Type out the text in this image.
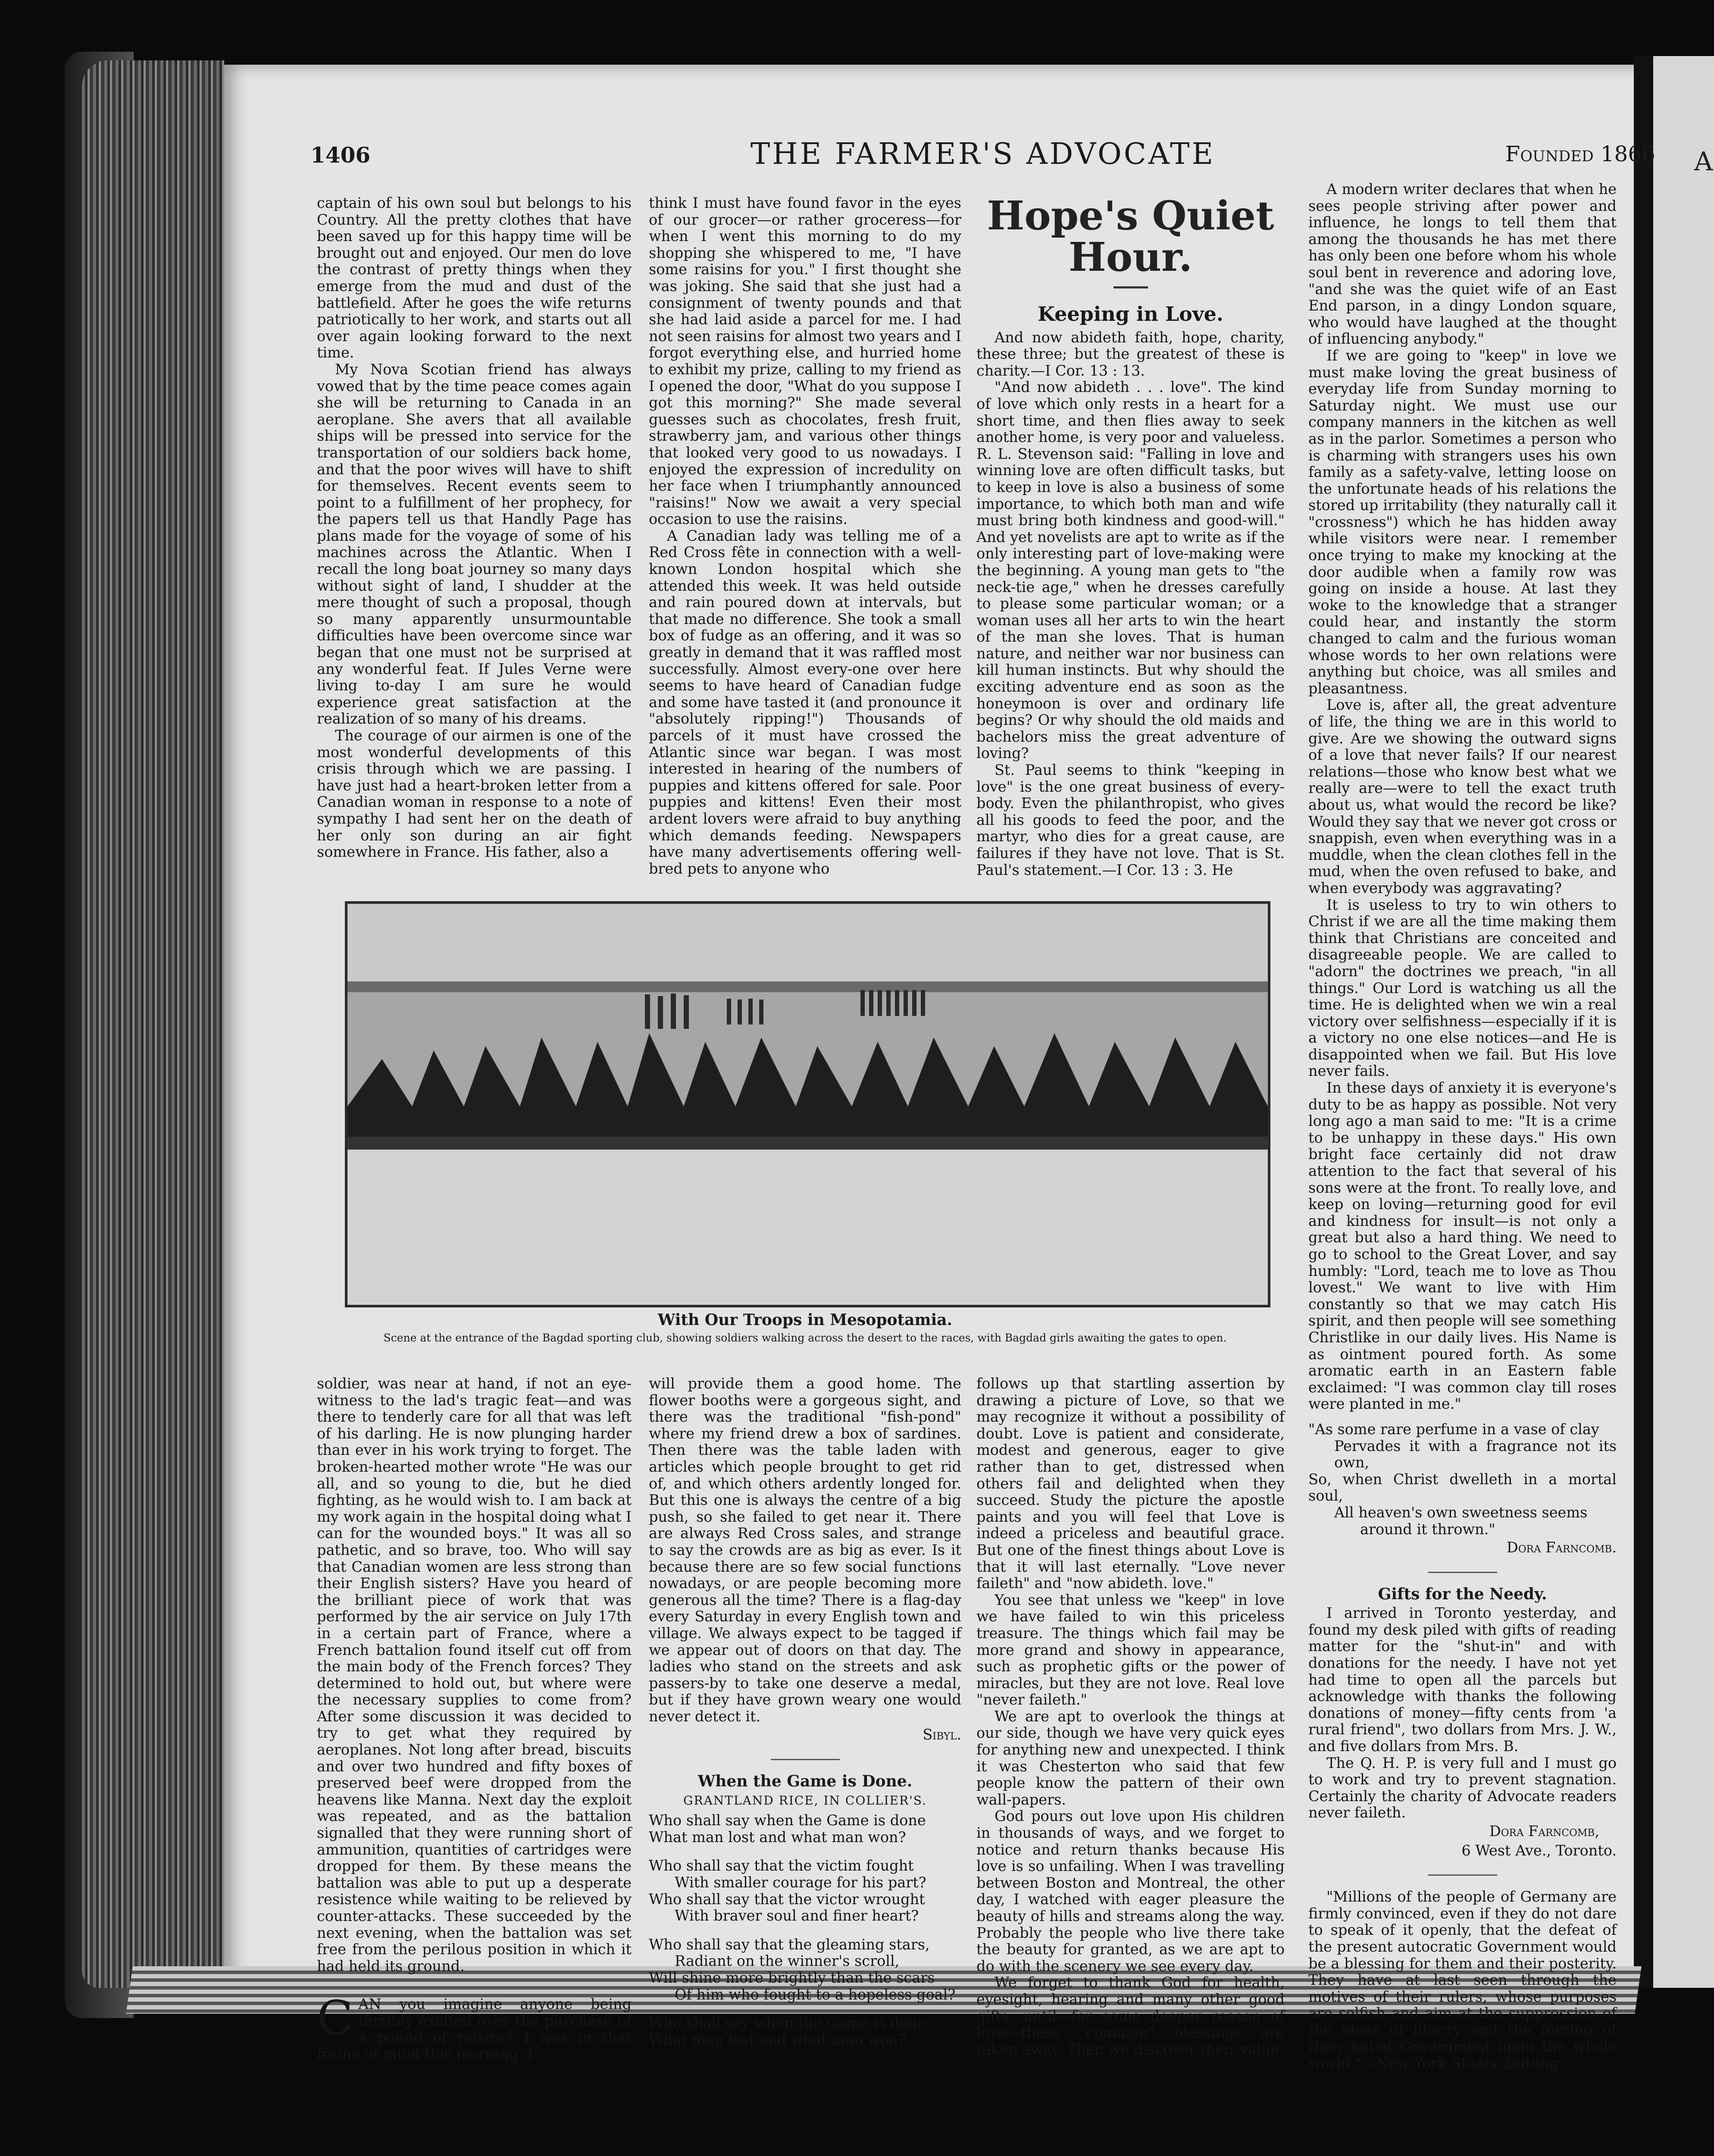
A
1406	THE FARMER'S ADVOCATE	Founded 1866

captain of his own soul but belongs to his Country. All the pretty clothes that have been saved up for this happy time will be brought out and enjoyed. Our men do love the contrast of pretty things when they emerge from the mud and dust of the battlefield. After he goes the wife returns patriotically to her work, and starts out all over again looking forward to the next time.

My Nova Scotian friend has always vowed that by the time peace comes again she will be returning to Canada in an aeroplane. She avers that all available ships will be pressed into service for the transportation of our soldiers back home, and that the poor wives will have to shift for themselves. Recent events seem to point to a fulfillment of her prophecy, for the papers tell us that Handly Page has plans made for the voyage of some of his machines across the Atlantic. When I recall the long boat journey so many days without sight of land, I shudder at the mere thought of such a proposal, though so many apparently unsurmountable difficulties have been overcome since war began that one must not be surprised at any wonderful feat. If Jules Verne were living to-day I am sure he would experience great satisfaction at the realization of so many of his dreams.

The courage of our airmen is one of the most wonderful developments of this crisis through which we are passing. I have just had a heart-broken letter from a Canadian woman in response to a note of sympathy I had sent her on the death of her only son during an air fight somewhere in France. His father, also a

think I must have found favor in the eyes of our grocer—or rather groceress—for when I went this morning to do my shopping she whispered to me, "I have some raisins for you." I first thought she was joking. She said that she just had a consignment of twenty pounds and that she had laid aside a parcel for me. I had not seen raisins for almost two years and I forgot everything else, and hurried home to exhibit my prize, calling to my friend as I opened the door, "What do you suppose I got this morning?" She made several guesses such as chocolates, fresh fruit, strawberry jam, and various other things that looked very good to us nowadays. I enjoyed the expression of incredulity on her face when I triumphantly announced "raisins!" Now we await a very special occasion to use the raisins.

A Canadian lady was telling me of a Red Cross fête in connection with a well-known London hospital which she attended this week. It was held outside and rain poured down at intervals, but that made no difference. She took a small box of fudge as an offering, and it was so greatly in demand that it was raffled most successfully. Almost every-one over here seems to have heard of Canadian fudge and some have tasted it (and pronounce it "absolutely ripping!") Thousands of parcels of it must have crossed the Atlantic since war began. I was most interested in hearing of the numbers of puppies and kittens offered for sale. Poor puppies and kittens! Even their most ardent lovers were afraid to buy anything which demands feeding. Newspapers have many advertisements offering well-bred pets to anyone who

Hope's Quiet Hour.
Keeping in Love.

And now abideth faith, hope, charity, these three; but the greatest of these is charity.—I Cor. 13 : 13.

"And now abideth . . . love". The kind of love which only rests in a heart for a short time, and then flies away to seek another home, is very poor and valueless. R. L. Stevenson said: "Falling in love and winning love are often difficult tasks, but to keep in love is also a business of some importance, to which both man and wife must bring both kindness and good-will." And yet novelists are apt to write as if the only interesting part of love-making were the beginning. A young man gets to "the neck-tie age," when he dresses carefully to please some particular woman; or a woman uses all her arts to win the heart of the man she loves. That is human nature, and neither war nor business can kill human instincts. But why should the exciting adventure end as soon as the honeymoon is over and ordinary life begins? Or why should the old maids and bachelors miss the great adventure of loving?

St. Paul seems to think "keeping in love" is the one great business of every-body. Even the philanthropist, who gives all his goods to feed the poor, and the martyr, who dies for a great cause, are failures if they have not love. That is St. Paul's statement.—I Cor. 13 : 3. He

A modern writer declares that when he sees people striving after power and influence, he longs to tell them that among the thousands he has met there has only been one before whom his whole soul bent in reverence and adoring love, "and she was the quiet wife of an East End parson, in a dingy London square, who would have laughed at the thought of influencing anybody."

If we are going to "keep" in love we must make loving the great business of everyday life from Sunday morning to Saturday night. We must use our company manners in the kitchen as well as in the parlor. Sometimes a person who is charming with strangers uses his own family as a safety-valve, letting loose on the unfortunate heads of his relations the stored up irritability (they naturally call it "crossness") which he has hidden away while visitors were near. I remember once trying to make my knocking at the door audible when a family row was going on inside a house. At last they woke to the knowledge that a stranger could hear, and instantly the storm changed to calm and the furious woman whose words to her own relations were anything but choice, was all smiles and pleasantness.

Love is, after all, the great adventure of life, the thing we are in this world to give. Are we showing the outward signs of a love that never fails? If our nearest relations—those who know best what we really are—were to tell the exact truth about us, what would the record be like? Would they say that we never got cross or snappish, even when everything was in a muddle, when the clean clothes fell in the mud, when the oven refused to bake, and when everybody was aggravating?

It is useless to try to win others to Christ if we are all the time making them think that Christians are conceited and disagreeable people. We are called to "adorn" the doctrines we preach, "in all things." Our Lord is watching us all the time. He is delighted when we win a real victory over selfishness—especially if it is a victory no one else notices—and He is disappointed when we fail. But His love never fails.

In these days of anxiety it is everyone's duty to be as happy as possible. Not very long ago a man said to me: "It is a crime to be unhappy in these days." His own bright face certainly did not draw attention to the fact that several of his sons were at the front. To really love, and keep on loving—returning good for evil and kindness for insult—is not only a great but also a hard thing. We need to go to school to the Great Lover, and say humbly: "Lord, teach me to love as Thou lovest." We want to live with Him constantly so that we may catch His spirit, and then people will see something Christlike in our daily lives. His Name is as ointment poured forth. As some aromatic earth in an Eastern fable exclaimed: "I was common clay till roses were planted in me."

"As some rare perfume in a vase of clay

Pervades it with a fragrance not its own,

So, when Christ dwelleth in a mortal soul,

All heaven's own sweetness seems

around it thrown."

Dora Farncomb.
Gifts for the Needy.

I arrived in Toronto yesterday, and found my desk piled with gifts of reading matter for the "shut-in" and with donations for the needy. I have not yet had time to open all the parcels but acknowledge with thanks the following donations of money—fifty cents from 'a rural friend", two dollars from Mrs. J. W., and five dollars from Mrs. B.

The Q. H. P. is very full and I must go to work and try to prevent stagnation. Certainly the charity of Advocate readers never faileth.

Dora Farncomb,
6 West Ave., Toronto.

"Millions of the people of Germany are firmly convinced, even if they do not dare to speak of it openly, that the defeat of the present autocratic Government would be a blessing for them and their posterity. They have at last seen through the motives of their rulers, whose purposes are selfish and aim at the suppression of the ideas of liberty and the forcing of their hated Government upon the whole world."—New York Staats-Zeitung.

With Our Troops in Mesopotamia.
Scene at the entrance of the Bagdad sporting club, showing soldiers walking across the desert to the races, with Bagdad girls awaiting the gates to open.

soldier, was near at hand, if not an eye-witness to the lad's tragic feat—and was there to tenderly care for all that was left of his darling. He is now plunging harder than ever in his work trying to forget. The broken-hearted mother wrote "He was our all, and so young to die, but he died fighting, as he would wish to. I am back at my work again in the hospital doing what I can for the wounded boys." It was all so pathetic, and so brave, too. Who will say that Canadian women are less strong than their English sisters? Have you heard of the brilliant piece of work that was performed by the air service on July 17th in a certain part of France, where a French battalion found itself cut off from the main body of the French forces? They determined to hold out, but where were the necessary supplies to come from? After some discussion it was decided to try to get what they required by aeroplanes. Not long after bread, biscuits and over two hundred and fifty boxes of preserved beef were dropped from the heavens like Manna. Next day the exploit was repeated, and as the battalion signalled that they were running short of ammunition, quantities of cartridges were dropped for them. By these means the battalion was able to put up a desperate resistence while waiting to be relieved by counter-attacks. These succeeded by the next evening, when the battalion was set free from the perilous position in which it had held its ground.

CAN you imagine anyone being terribly excited over the purchase of a pound of raisins? I was in that frame of mind this morning. I

will provide them a good home. The flower booths were a gorgeous sight, and there was the traditional "fish-pond" where my friend drew a box of sardines. Then there was the table laden with articles which people brought to get rid of, and which others ardently longed for. But this one is always the centre of a big push, so she failed to get near it. There are always Red Cross sales, and strange to say the crowds are as big as ever. Is it because there are so few social functions nowadays, or are people becoming more generous all the time? There is a flag-day every Saturday in every English town and village. We always expect to be tagged if we appear out of doors on that day. The ladies who stand on the streets and ask passers-by to take one deserve a medal, but if they have grown weary one would never detect it.

Sibyl.
When the Game is Done.
GRANTLAND RICE, IN COLLIER'S.

Who shall say when the Game is done

What man lost and what man won?

Who shall say that the victim fought

With smaller courage for his part?

Who shall say that the victor wrought

With braver soul and finer heart?

Who shall say that the gleaming stars,

Radiant on the winner's scroll,

Will shine more brightly than the scars

Of him who fought to a hopeless goal?

Who shall say when the Game is done

What man lost and what man won?

follows up that startling assertion by drawing a picture of Love, so that we may recognize it without a possibility of doubt. Love is patient and considerate, modest and generous, eager to give rather than to get, distressed when others fail and delighted when they succeed. Study the picture the apostle paints and you will feel that Love is indeed a priceless and beautiful grace. But one of the finest things about Love is that it will last eternally. "Love never faileth" and "now abideth. love."

You see that unless we "keep" in love we have failed to win this priceless treasure. The things which fail may be more grand and showy in appearance, such as prophetic gifts or the power of miracles, but they are not love. Real love "never faileth."

We are apt to overlook the things at our side, though we have very quick eyes for anything new and unexpected. I think it was Chesterton who said that few people know the pattern of their own wall-papers.

God pours out love upon His children in thousands of ways, and we forget to notice and return thanks because His love is so unfailing. When I was travelling between Boston and Montreal, the other day, I watched with eager pleasure the beauty of hills and streams along the way. Probably the people who live there take the beauty for granted, as we are apt to do with the scenery we see every day.

We forget to thank God for health, eyesight, hearing and many other good gifts, until—for some deeper reason of love—these "common" blessings are taken away. Then we discover their value.
